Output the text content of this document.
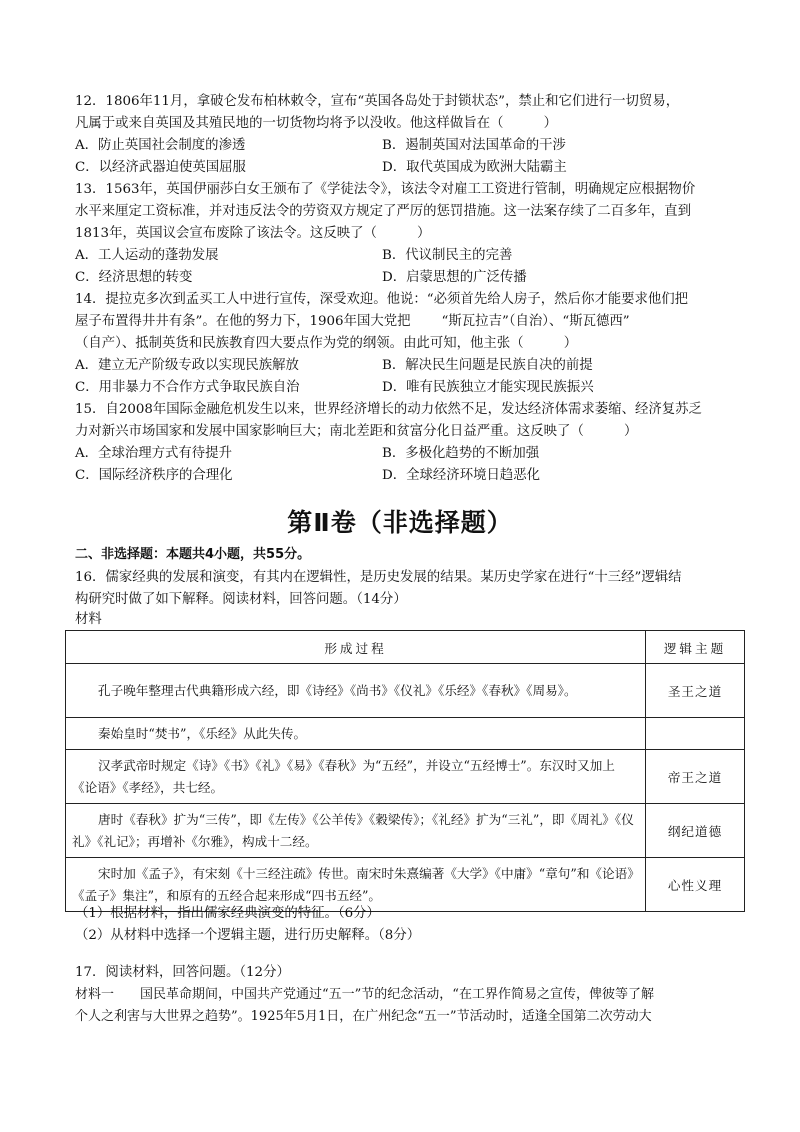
12．1806年11月，拿破仑发布柏林敕令，宣布“英国各岛处于封锁状态”，禁止和它们进行一切贸易，
凡属于或来自英国及其殖民地的一切货物均将予以没收。他这样做旨在（　　　）
A．防止英国社会制度的渗透	B．遏制英国对法国革命的干涉
C．以经济武器迫使英国屈服	D．取代英国成为欧洲大陆霸主
13．1563年，英国伊丽莎白女王颁布了《学徒法令》，该法令对雇工工资进行管制，明确规定应根据物价
水平来厘定工资标准，并对违反法令的劳资双方规定了严厉的惩罚措施。这一法案存续了二百多年，直到
1813年，英国议会宣布废除了该法令。这反映了（　　　）
A．工人运动的蓬勃发展	B．代议制民主的完善
C．经济思想的转变	D．启蒙思想的广泛传播
14．提拉克多次到孟买工人中进行宣传，深受欢迎。他说：“必须首先给人房子，然后你才能要求他们把
屋子布置得井井有条”。在他的努力下，1906年国大党把　　 “斯瓦拉吉”（自治）、“斯瓦德西”
（自产）、抵制英货和民族教育四大要点作为党的纲领。由此可知，他主张（　　　）
A．建立无产阶级专政以实现民族解放	B．解决民生问题是民族自决的前提
C．用非暴力不合作方式争取民族自治	D．唯有民族独立才能实现民族振兴
15．自2008年国际金融危机发生以来，世界经济增长的动力依然不足，发达经济体需求萎缩、经济复苏乏
力对新兴市场国家和发展中国家影响巨大；南北差距和贫富分化日益严重。这反映了（　　　）
A．全球治理方式有待提升	B．多极化趋势的不断加强
C．国际经济秩序的合理化	D．全球经济环境日趋恶化
第Ⅱ卷（非选择题）
二、非选择题：本题共4小题，共55分。
16．儒家经典的发展和演变，有其内在逻辑性，是历史发展的结果。某历史学家在进行“十三经”逻辑结
构研究时做了如下解释。阅读材料，回答问题。（14分）
材料
形成过程	逻辑主题
孔子晚年整理古代典籍形成六经，即《诗经》《尚书》《仪礼》《乐经》《春秋》《周易》。	圣王之道
秦始皇时“焚书”，《乐经》从此失传。	
汉孝武帝时规定《诗》《书》《礼》《易》《春秋》为“五经”，并设立“五经博士”。东汉时又加上《论语》《孝经》，共七经。	帝王之道
唐时《春秋》扩为“三传”，即《左传》《公羊传》《穀梁传》；《礼经》扩为“三礼”，即《周礼》《仪礼》《礼记》；再增补《尔雅》，构成十二经。	纲纪道德
宋时加《孟子》，有宋刻《十三经注疏》传世。南宋时朱熹编著《大学》《中庸》“章句”和《论语》《孟子》集注”，和原有的五经合起来形成“四书五经”。	心性义理
（1）根据材料，指出儒家经典演变的特征。（6分）
（2）从材料中选择一个逻辑主题，进行历史解释。（8分）
17．阅读材料，回答问题。（12分）
材料一　　国民革命期间，中国共产党通过“五一”节的纪念活动，“在工界作简易之宣传，俾彼等了解
个人之利害与大世界之趋势”。1925年5月1日，在广州纪念“五一”节活动时，适逢全国第二次劳动大
